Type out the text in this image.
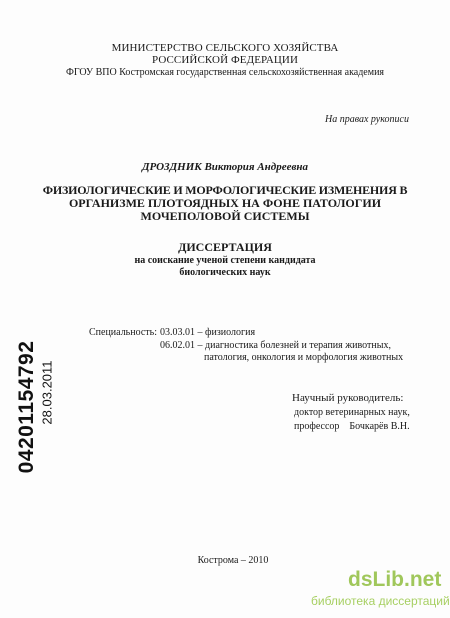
МИНИСТЕРСТВО СЕЛЬСКОГО ХОЗЯЙСТВА
РОССИЙСКОЙ ФЕДЕРАЦИИ
ФГОУ ВПО Костромская государственная сельскохозяйственная академия
На правах рукописи
ДРОЗДНИК Виктория Андреевна
ФИЗИОЛОГИЧЕСКИЕ И МОРФОЛОГИЧЕСКИЕ ИЗМЕНЕНИЯ В
ОРГАНИЗМЕ ПЛОТОЯДНЫХ НА ФОНЕ ПАТОЛОГИИ
МОЧЕПОЛОВОЙ СИСТЕМЫ
ДИССЕРТАЦИЯ
на соискание ученой степени кандидата
биологических наук
Специальность: 03.03.01 – физиология
06.02.01 – диагностика болезней и терапия животных,
патология, онкология и морфология животных
Научный руководитель:
доктор ветеринарных наук,
профессор    Бочкарёв В.Н.
Кострома – 2010
04201154792 28.03.2011
dsLib.net
библиотека диссертаций
